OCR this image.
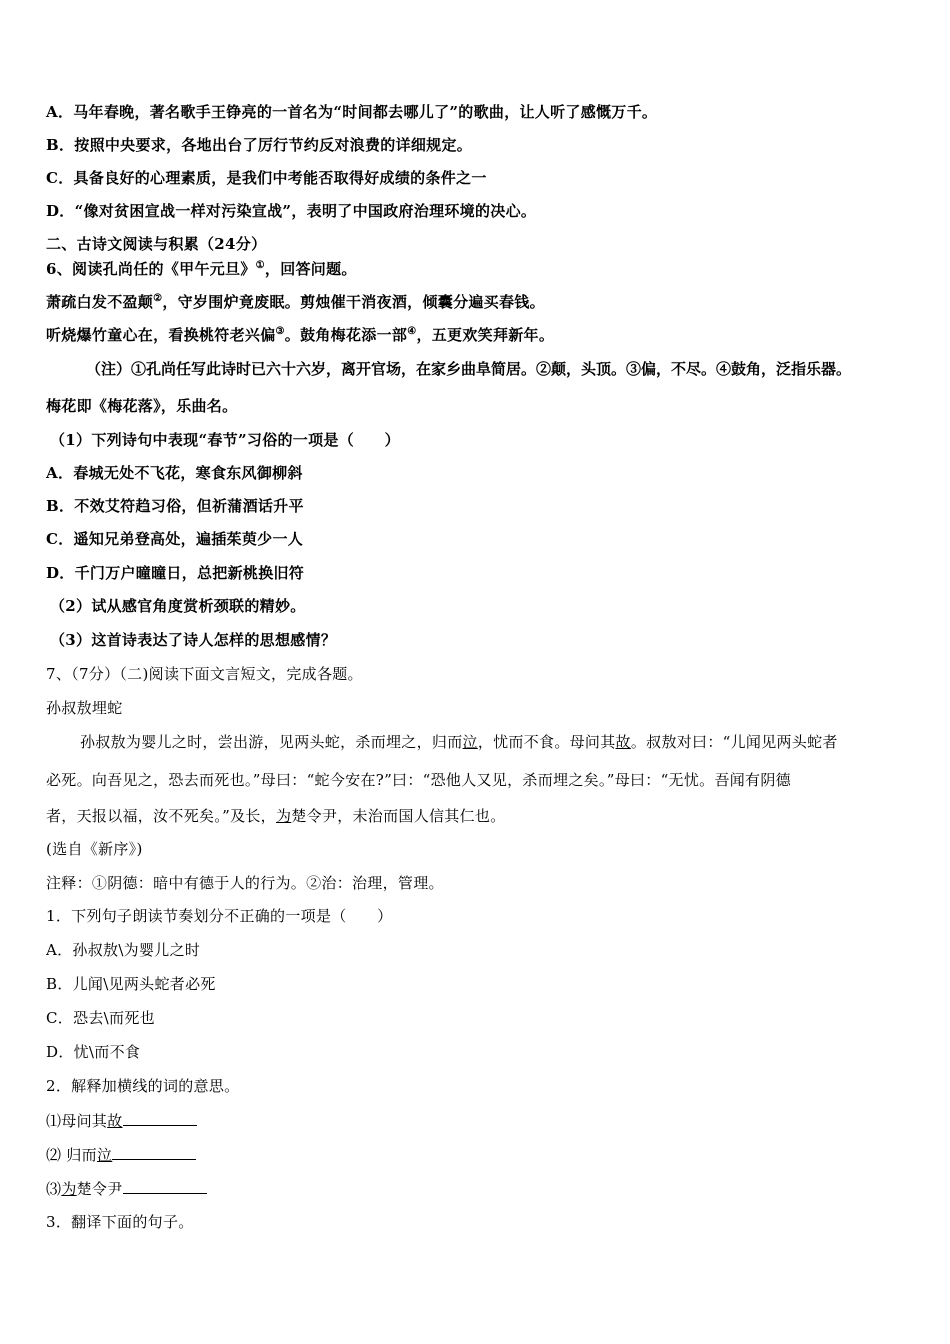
A．马年春晚，著名歌手王铮亮的一首名为“时间都去哪儿了”的歌曲，让人听了感慨万千。
B．按照中央要求，各地出台了厉行节约反对浪费的详细规定。
C．具备良好的心理素质，是我们中考能否取得好成绩的条件之一
D．“像对贫困宣战一样对污染宣战”，表明了中国政府治理环境的决心。
二、古诗文阅读与积累（24分）
6、阅读孔尚任的《甲午元旦》①，回答问题。
萧疏白发不盈颠②，守岁围炉竟废眠。剪烛催干消夜酒，倾囊分遍买春钱。
听烧爆竹童心在，看换桃符老兴偏③。鼓角梅花添一部④，五更欢笑拜新年。
（注）①孔尚任写此诗时已六十六岁，离开官场，在家乡曲阜简居。②颠，头顶。③偏，不尽。④鼓角，泛指乐器。
梅花即《梅花落》，乐曲名。
（1）下列诗句中表现“春节”习俗的一项是（　　）
A．春城无处不飞花，寒食东风御柳斜
B．不效艾符趋习俗，但祈蒲酒话升平
C．遥知兄弟登高处，遍插茱萸少一人
D．千门万户曈曈日，总把新桃换旧符
（2）试从感官角度赏析颈联的精妙。
（3）这首诗表达了诗人怎样的思想感情？
7、（7分）（二)阅读下面文言短文，完成各题。
孙叔敖埋蛇
孙叔敖为婴儿之时，尝出游，见两头蛇，杀而埋之，归而泣，忧而不食。母问其故。叔敖对曰：“儿闻见两头蛇者
必死。向吾见之，恐去而死也。”母曰：“蛇今安在?”曰：“恐他人又见，杀而埋之矣。”母曰：“无忧。吾闻有阴德
者，天报以福，汝不死矣。”及长，为楚令尹，未治而国人信其仁也。
(选自《新序》)
注释：①阴德：暗中有德于人的行为。②治：治理，管理。
1．下列句子朗读节奏划分不正确的一项是（　　）
A．孙叔敖\为婴儿之时
B．儿闻\见两头蛇者必死
C．恐去\而死也
D．忧\而不食
2．解释加横线的词的意思。
⑴母问其故
⑵ 归而泣
⑶为楚令尹
3．翻译下面的句子。
